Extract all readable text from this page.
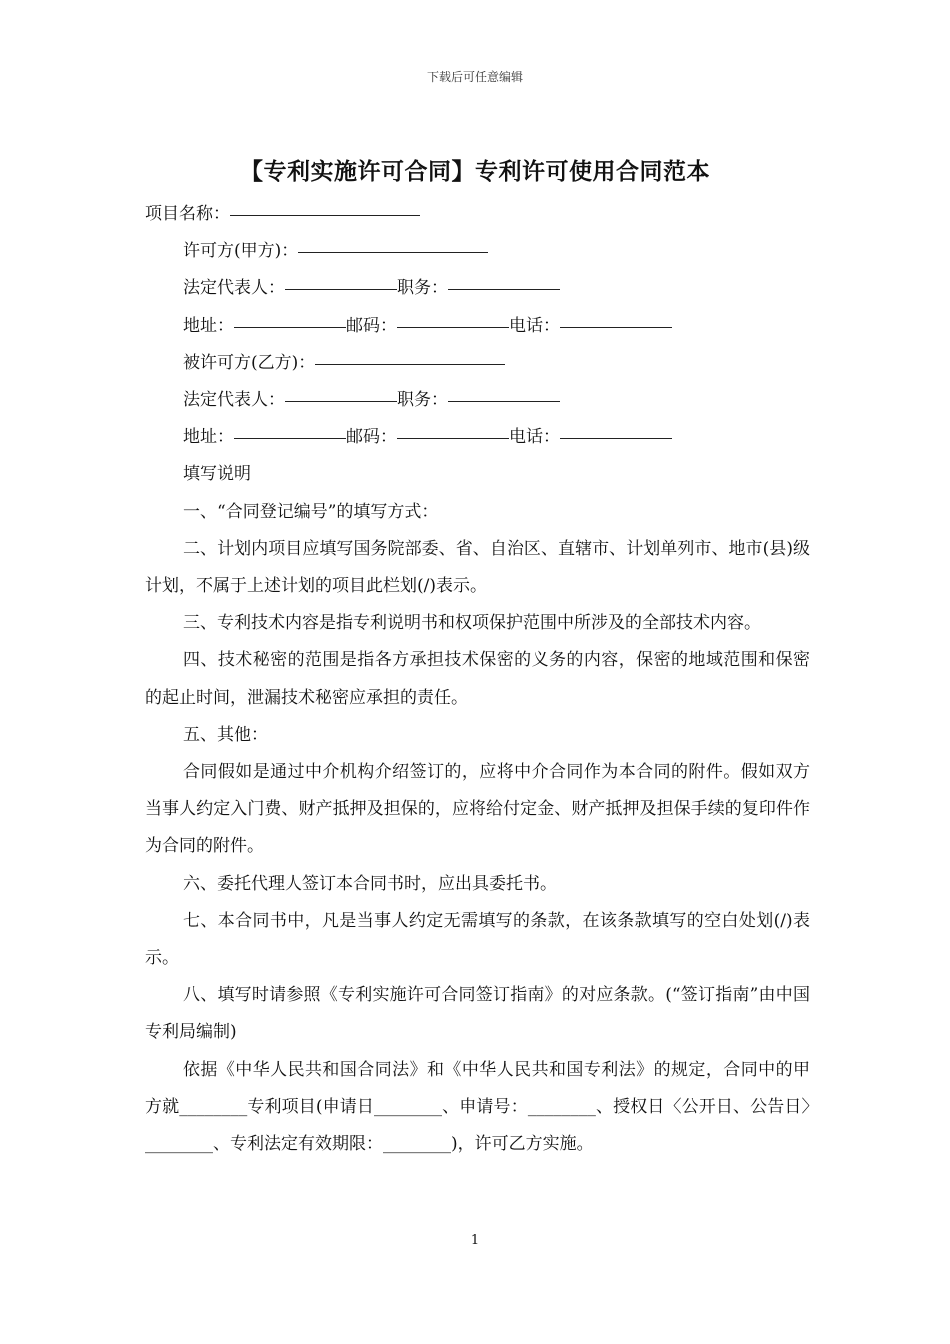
下载后可任意编辑
【专利实施许可合同】专利许可使用合同范本
项目名称：
许可方(甲方)：
法定代表人：	职务：
地址：	邮码：	电话：
被许可方(乙方)：
法定代表人：	职务：
地址：	邮码：	电话：
填写说明
一、“合同登记编号”的填写方式：
二、计划内项目应填写国务院部委、省、自治区、直辖市、计划单列市、地市(县)级计划，不属于上述计划的项目此栏划(/)表示。
三、专利技术内容是指专利说明书和权项保护范围中所涉及的全部技术内容。
四、技术秘密的范围是指各方承担技术保密的义务的内容，保密的地域范围和保密的起止时间，泄漏技术秘密应承担的责任。
五、其他：
合同假如是通过中介机构介绍签订的，应将中介合同作为本合同的附件。假如双方当事人约定入门费、财产抵押及担保的，应将给付定金、财产抵押及担保手续的复印件作为合同的附件。
六、委托代理人签订本合同书时，应出具委托书。
七、本合同书中，凡是当事人约定无需填写的条款，在该条款填写的空白处划(/)表示。
八、填写时请参照《专利实施许可合同签订指南》的对应条款。(“签订指南”由中国专利局编制)
依据《中华人民共和国合同法》和《中华人民共和国专利法》的规定，合同中的甲方就________专利项目(申请日________、申请号：________、授权日〈公开日、公告日〉________、专利法定有效期限：________)，许可乙方实施。
1
